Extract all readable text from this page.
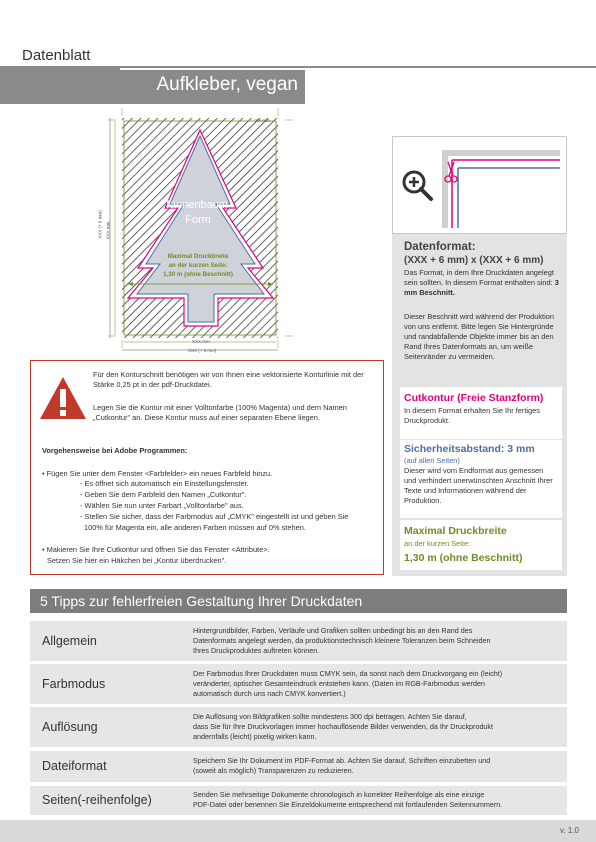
Datenblatt
Aufkleber, vegan
XX mm
XXX mm
XXX (+ 6 mm)
XXX (+ 6 mm) XXX mm
Tannenbaum-Form
Maximal Druckbreite
an der kurzen Seite:
1,30 m (ohne Beschnitt)
Datenformat:
(XXX + 6 mm) x (XXX + 6 mm)
Das Format, in dem Ihre Druckdaten angelegt sein sollten. In diesem Format enthalten sind: 3 mm Beschnitt.
Dieser Beschnitt wird während der Produktion von uns entfernt. Bitte legen Sie Hintergründe und randabfallende Objekte immer bis an den Rand Ihres Datenformats an, um weiße Seitenränder zu vermeiden.
Cutkontur (Freie Stanzform)
In diesem Format erhalten Sie Ihr fertiges Druckprodukt.
Sicherheitsabstand: 3 mm
(auf allen Seiten)
Dieser wird vom Endformat aus gemessen und verhindert unerwünschten Anschnitt Ihrer Texte und Informationen während der Produktion.
Maximal Druckbreite
an der kurzen Seite:
1,30 m (ohne Beschnitt)
Für den Konturschnitt benötigen wir von Ihnen eine vektorisierte Konturlinie mit der Stärke 0,25 pt in der pdf-Druckdatei.
Legen Sie die Kontur mit einer Volltonfarbe (100% Magenta) und dem Namen „Cutkontur" an. Diese Kontur muss auf einer separaten Ebene liegen.
Vorgehensweise bei Adobe Programmen:
• Fügen Sie unter dem Fenster <Farbfelder> ein neues Farbfeld hinzu.
- Es öffnet sich automatisch ein Einstellungsfenster.
- Geben Sie dem Farbfeld den Namen „Cutkontur".
- Wählen Sie nun unter Farbart „Volltonfarbe" aus.
- Stellen Sie sicher, dass der Farbmodus auf „CMYK" eingestellt ist und geben Sie
100% für Magenta ein, alle anderen Farben müssen auf 0% stehen.
• Makieren Sie Ihre Cutkontur und öffnen Sie das Fenster <Attribute>.
Setzen Sie hier ein Häkchen bei „Kontur überdrucken".
5 Tipps zur fehlerfreien Gestaltung Ihrer Druckdaten
Allgemein
Hintergrundbilder, Farben, Verläufe und Grafiken sollten unbedingt bis an den Rand des
Datenformats angelegt werden, da produktionstechnisch kleinere Toleranzen beim Schneiden
Ihres Druckproduktes auftreten können.
Farbmodus
Der Farbmodus Ihrer Druckdaten muss CMYK sein, da sonst nach dem Druckvorgang ein (leicht)
veränderter, optischer Gesamteindruck entstehen kann. (Daten im RGB-Farbmodus werden
automatisch durch uns nach CMYK konvertiert.)
Auflösung
Die Auflösung von Bildgrafiken sollte mindestens 300 dpi betragen. Achten Sie darauf,
dass Sie für Ihre Druckvorlagen immer hochauflösende Bilder verwenden, da Ihr Druckprodukt
andernfalls (leicht) pixelig wirken kann.
Dateiformat	Speichern Sie Ihr Dokument im PDF-Format ab. Achten Sie darauf, Schriften einzubetten und
(soweit als möglich) Transparenzen zu reduzieren.
Seiten(-reihenfolge)	Senden Sie mehrseitige Dokumente chronologisch in korrekter Reihenfolge als eine einzige
PDF-Datei oder benennen Sie Einzeldokumente entsprechend mit fortlaufenden Seitennummern.
v. 1.0
